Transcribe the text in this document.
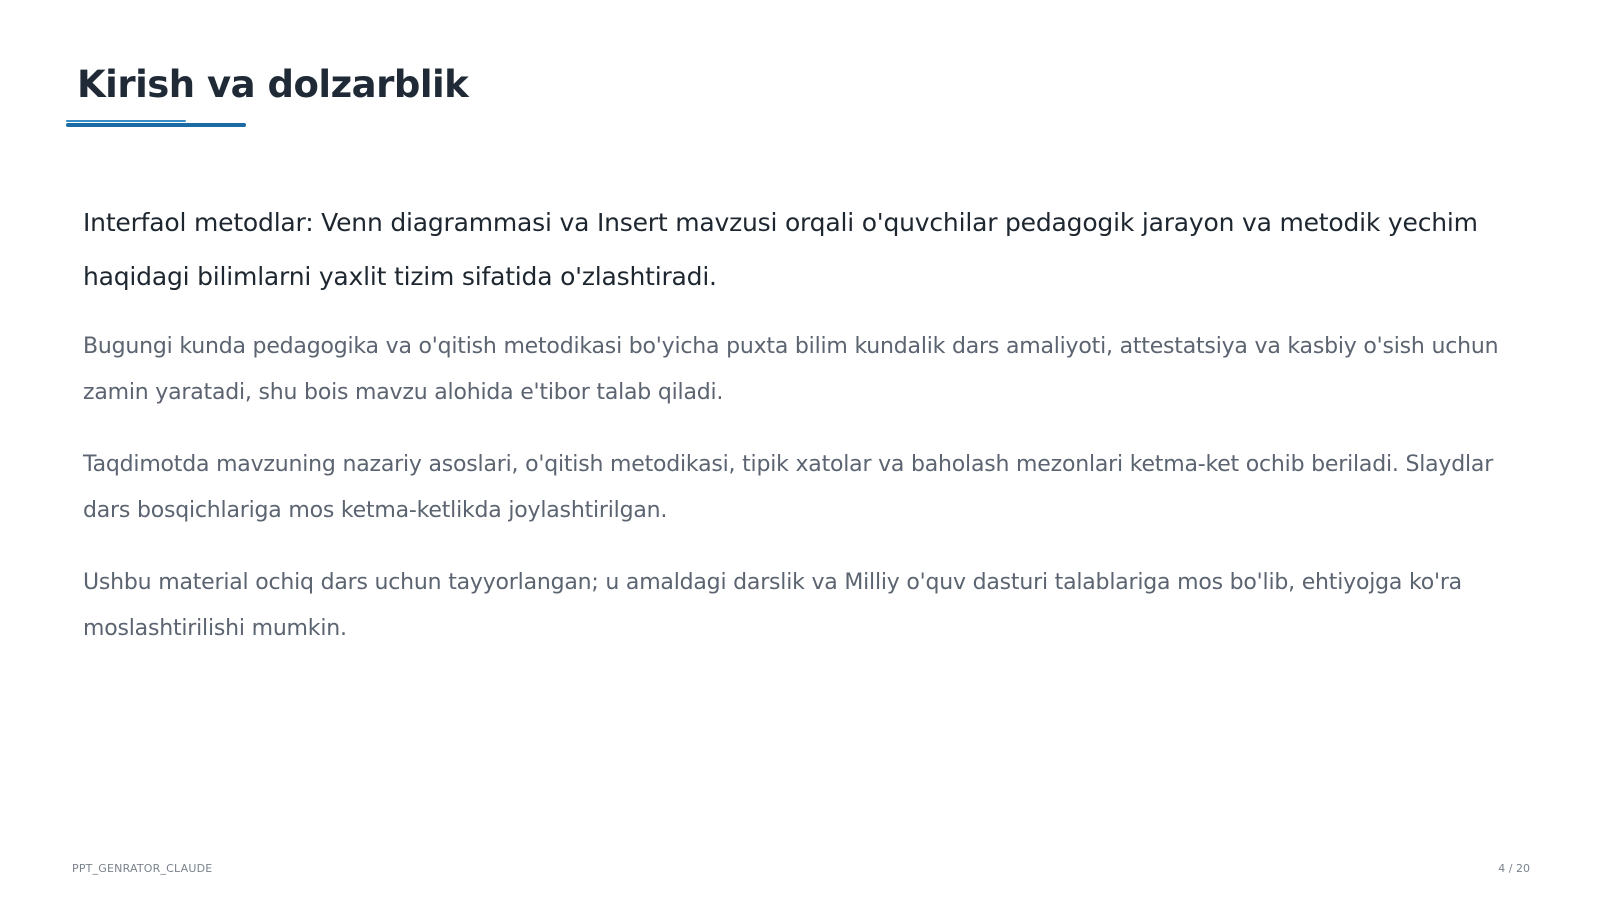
Kirish va dolzarblik

Interfaol metodlar: Venn diagrammasi va Insert mavzusi orqali o'quvchilar pedagogik jarayon va metodik yechim haqidagi bilimlarni yaxlit tizim sifatida o'zlashtiradi.

Bugungi kunda pedagogika va o'qitish metodikasi bo'yicha puxta bilim kundalik dars amaliyoti, attestatsiya va kasbiy o'sish uchun zamin yaratadi, shu bois mavzu alohida e'tibor talab qiladi.

Taqdimotda mavzuning nazariy asoslari, o'qitish metodikasi, tipik xatolar va baholash mezonlari ketma-ket ochib beriladi. Slaydlar dars bosqichlariga mos ketma-ketlikda joylashtirilgan.

Ushbu material ochiq dars uchun tayyorlangan; u amaldagi darslik va Milliy o'quv dasturi talablariga mos bo'lib, ehtiyojga ko'ra moslashtirilishi mumkin.

PPT_GENRATOR_CLAUDE	4 / 20
